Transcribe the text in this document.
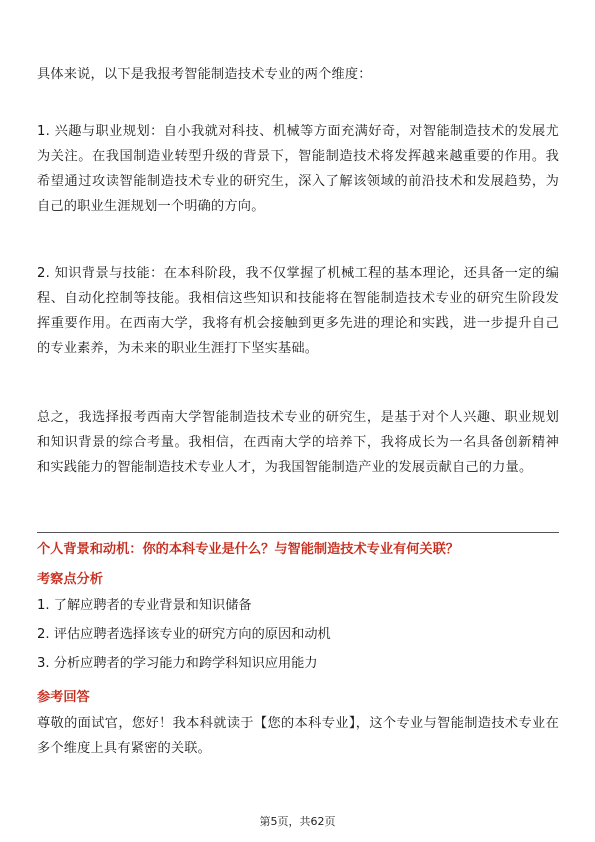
具体来说，以下是我报考智能制造技术专业的两个维度：

1. 兴趣与职业规划：自小我就对科技、机械等方面充满好奇，对智能制造技术的发展尤为关注。在我国制造业转型升级的背景下，智能制造技术将发挥越来越重要的作用。我希望通过攻读智能制造技术专业的研究生，深入了解该领域的前沿技术和发展趋势，为自己的职业生涯规划一个明确的方向。

2. 知识背景与技能：在本科阶段，我不仅掌握了机械工程的基本理论，还具备一定的编程、自动化控制等技能。我相信这些知识和技能将在智能制造技术专业的研究生阶段发挥重要作用。在西南大学，我将有机会接触到更多先进的理论和实践，进一步提升自己的专业素养，为未来的职业生涯打下坚实基础。

总之，我选择报考西南大学智能制造技术专业的研究生，是基于对个人兴趣、职业规划和知识背景的综合考量。我相信，在西南大学的培养下，我将成长为一名具备创新精神和实践能力的智能制造技术专业人才，为我国智能制造产业的发展贡献自己的力量。

个人背景和动机：你的本科专业是什么？与智能制造技术专业有何关联？

考察点分析

1. 了解应聘者的专业背景和知识储备

2. 评估应聘者选择该专业的研究方向的原因和动机

3. 分析应聘者的学习能力和跨学科知识应用能力

参考回答

尊敬的面试官，您好！我本科就读于【您的本科专业】，这个专业与智能制造技术专业在多个维度上具有紧密的关联。

第5页，共62页
